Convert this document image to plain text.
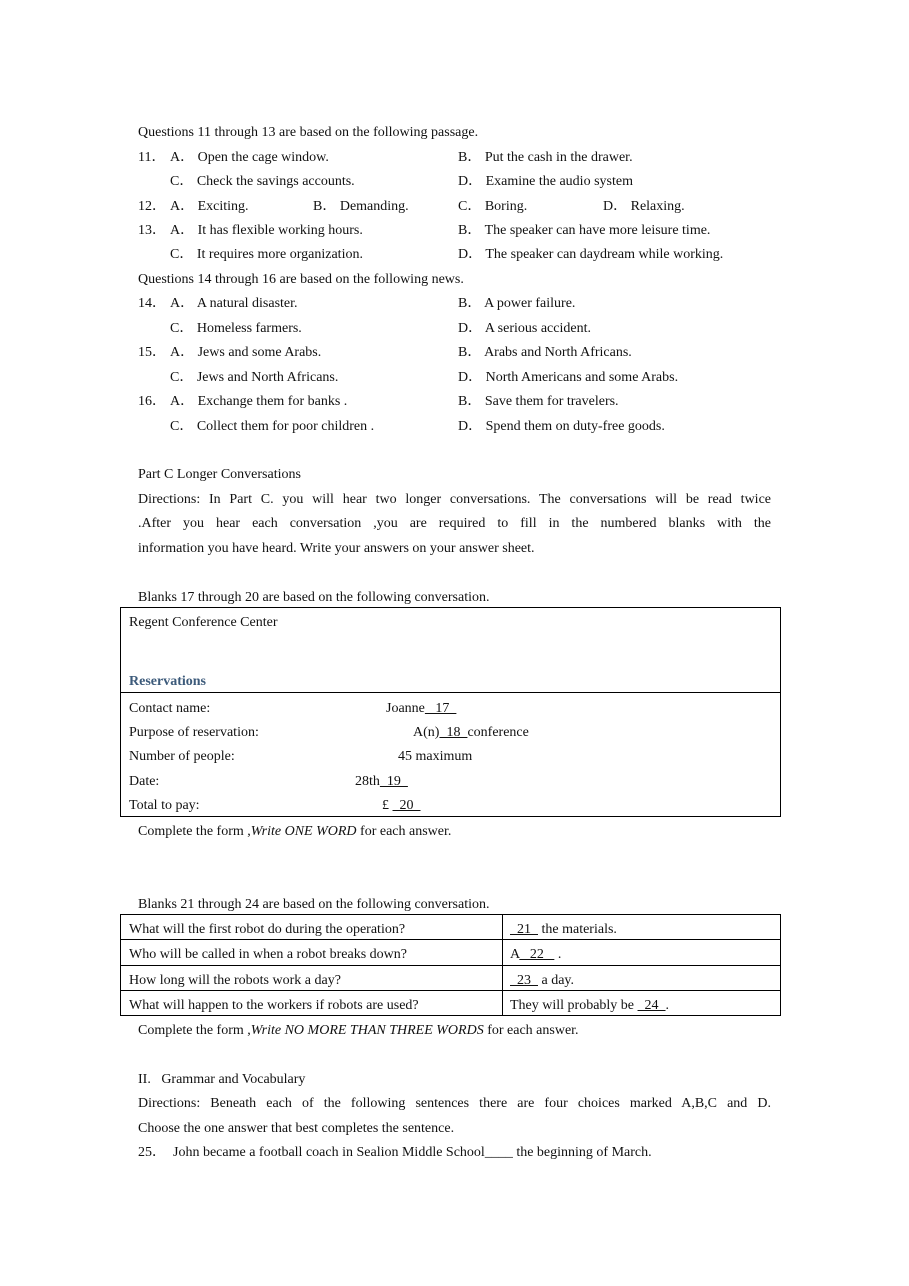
Questions 11 through 13 are based on the following passage.
11． A． Open the cage window.	B． Put the cash in the drawer.
C． Check the savings accounts.	D． Examine the audio system
12． A． Exciting.	B． Demanding.	C． Boring.	D． Relaxing.
13． A． It has flexible working hours.	B． The speaker can have more leisure time.
C． It requires more organization.	D． The speaker can daydream while working.
Questions 14 through 16 are based on the following news.
14． A． A natural disaster.	B． A power failure.
C． Homeless farmers.	D． A serious accident.
15． A． Jews and some Arabs.	B． Arabs and North Africans.
C． Jews and North Africans.	D． North Americans and some Arabs.
16． A． Exchange them for banks .	B． Save them for travelers.
C． Collect them for poor children .	D． Spend them on duty-free goods.
Part C Longer Conversations
Directions: In Part C. you will hear two longer conversations. The conversations will be read twice
.After you hear each conversation ,you are required to fill in the numbered blanks with the
information you have heard. Write your answers on your answer sheet.
Blanks 17 through 20 are based on the following conversation.
Regent Conference Center
Reservations
Contact name:	Joanne   17
Purpose of reservation:	A(n)  18  conference
Number of people:	45 maximum
Date:	28th  19
Total to pay:	£   20
Complete the form ,Write ONE WORD for each answer.
Blanks 21 through 24 are based on the following conversation.
What will the first robot do during the operation?	21   the materials.
Who will be called in when a robot breaks down?	A   22    .
How long will the robots work a day?	23   a day.
What will happen to the workers if robots are used?	They will probably be   24  .
Complete the form ,Write NO MORE THAN THREE WORDS for each answer.
II.   Grammar and Vocabulary
Directions: Beneath each of the following sentences there are four choices marked A,B,C and D.
Choose the one answer that best completes the sentence.
25．  John became a football coach in Sealion Middle School____ the beginning of March.
